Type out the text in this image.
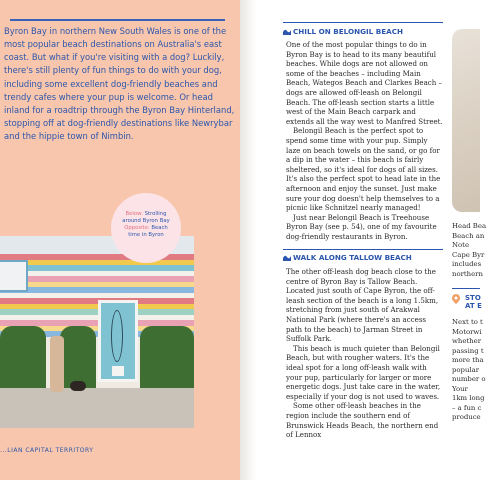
Byron Bay in northern New South Wales is one of the most popular beach destinations on Australia's east coast. But what if you're visiting with a dog? Luckily, there's still plenty of fun things to do with your dog, including some excellent dog-friendly beaches and trendy cafes where your pup is welcome. Or head inland for a roadtrip through the Byron Bay Hinterland, stopping off at dog-friendly destinations like Newrybar and the hippie town of Nimbin.

Below: Strolling around Byron Bay Opposite: Beach time in Byron
...LIAN CAPITAL TERRITORY
CHILL ON BELONGIL BEACH

One of the most popular things to do in Byron Bay is to head to its many beautiful beaches. While dogs are not allowed on some of the beaches – including Main Beach, Wategos Beach and Clarkes Beach – dogs are allowed off-leash on Belongil Beach. The off-leash section starts a little west of the Main Beach carpark and extends all the way west to Manfred Street.

Belongil Beach is the perfect spot to spend some time with your pup. Simply laze on beach towels on the sand, or go for a dip in the water – this beach is fairly sheltered, so it's ideal for dogs of all sizes. It's also the perfect spot to head late in the afternoon and enjoy the sunset. Just make sure your dog doesn't help themselves to a picnic like Schnitzel nearly managed!

Just near Belongil Beach is Treehouse Byron Bay (see p. 54), one of my favourite dog-friendly restaurants in Byron.

WALK ALONG TALLOW BEACH

The other off-leash dog beach close to the centre of Byron Bay is Tallow Beach. Located just south of Cape Byron, the off-leash section of the beach is a long 1.5km, stretching from just south of Arakwal National Park (where there's an access path to the beach) to Jarman Street in Suffolk Park.

This beach is much quieter than Belongil Beach, but with rougher waters. It's the ideal spot for a long off-leash walk with your pup, particularly for larger or more energetic dogs. Just take care in the water, especially if your dog is not used to waves.

Some other off-leash beaches in the region include the southern end of Brunswick Heads Beach, the northern end of Lennox

Head Bea
Beach an
Note
Cape Byr
includes
northern
STO
AT E
Next to t
Motorwi
whether
passing t
more tha
popular
number o
Your
1km long
– a fun c
produce
